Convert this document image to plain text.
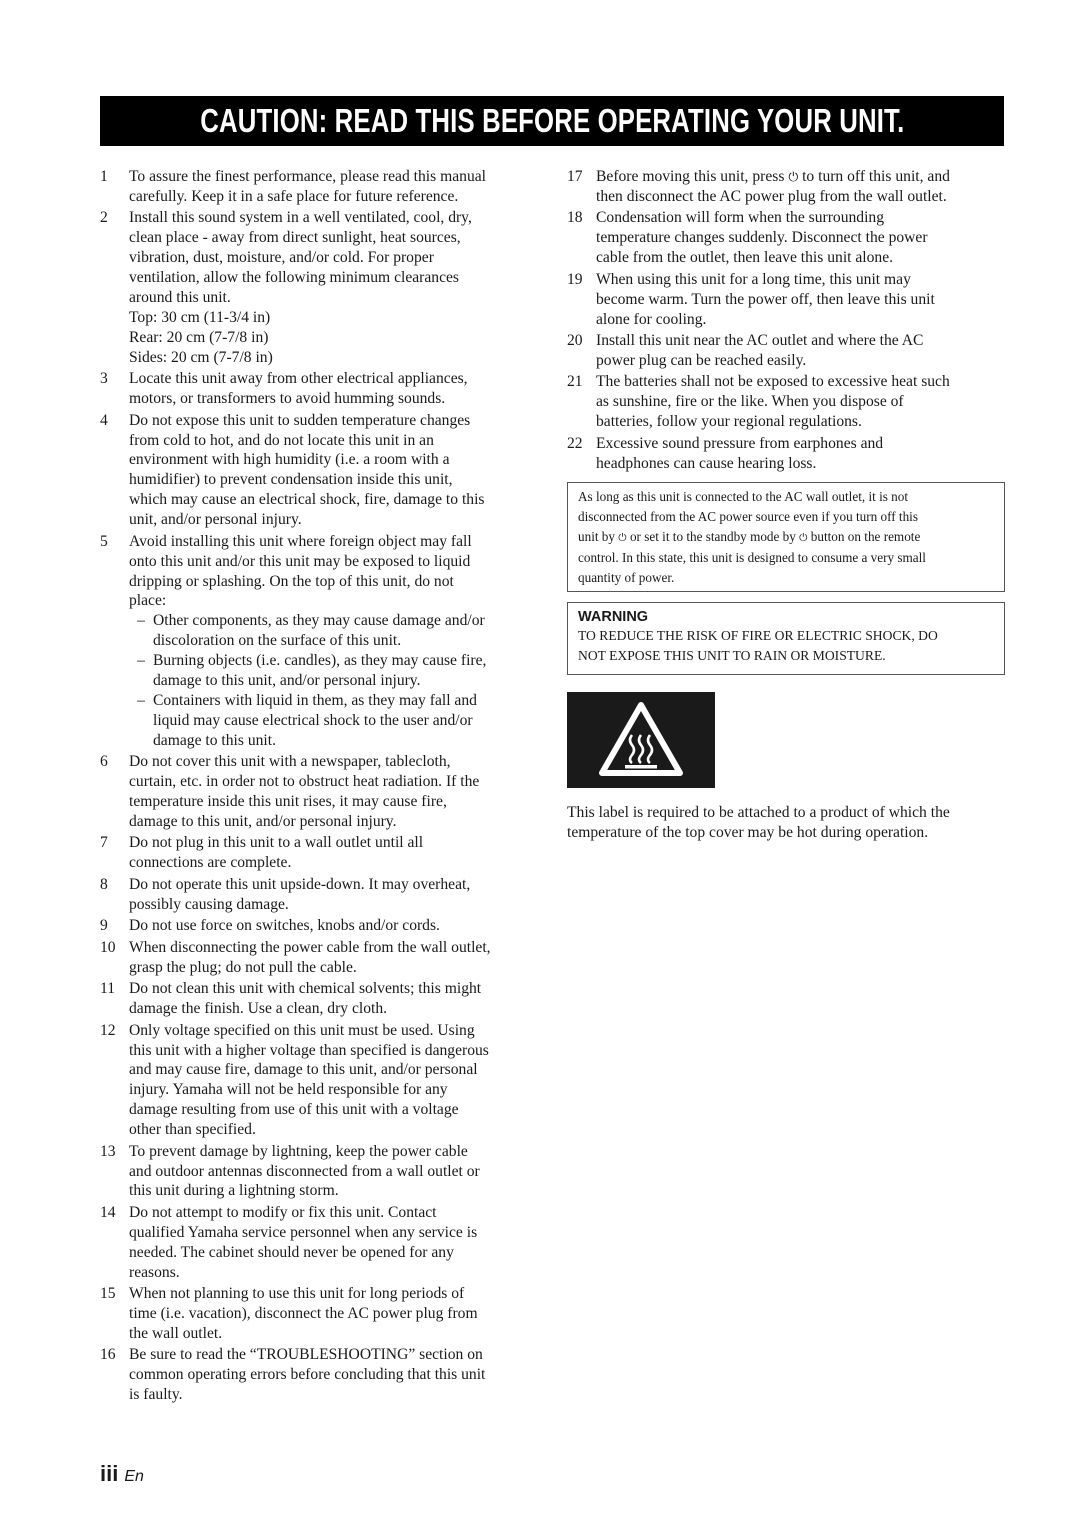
CAUTION: READ THIS BEFORE OPERATING YOUR UNIT.
1	To assure the finest performance, please read this manual
carefully. Keep it in a safe place for future reference.
2	Install this sound system in a well ventilated, cool, dry,
clean place - away from direct sunlight, heat sources,
vibration, dust, moisture, and/or cold. For proper
ventilation, allow the following minimum clearances
around this unit.
Top: 30 cm (11-3/4 in)
Rear: 20 cm (7-7/8 in)
Sides: 20 cm (7-7/8 in)
3	Locate this unit away from other electrical appliances,
motors, or transformers to avoid humming sounds.
4	Do not expose this unit to sudden temperature changes
from cold to hot, and do not locate this unit in an
environment with high humidity (i.e. a room with a
humidifier) to prevent condensation inside this unit,
which may cause an electrical shock, fire, damage to this
unit, and/or personal injury.
5	Avoid installing this unit where foreign object may fall
onto this unit and/or this unit may be exposed to liquid
dripping or splashing. On the top of this unit, do not
place:
– Other components, as they may cause damage and/or
discoloration on the surface of this unit.
– Burning objects (i.e. candles), as they may cause fire,
damage to this unit, and/or personal injury.
– Containers with liquid in them, as they may fall and
liquid may cause electrical shock to the user and/or
damage to this unit.
6	Do not cover this unit with a newspaper, tablecloth,
curtain, etc. in order not to obstruct heat radiation. If the
temperature inside this unit rises, it may cause fire,
damage to this unit, and/or personal injury.
7	Do not plug in this unit to a wall outlet until all
connections are complete.
8	Do not operate this unit upside-down. It may overheat,
possibly causing damage.
9	Do not use force on switches, knobs and/or cords.
10 When disconnecting the power cable from the wall outlet,
grasp the plug; do not pull the cable.
11 Do not clean this unit with chemical solvents; this might
damage the finish. Use a clean, dry cloth.
12 Only voltage specified on this unit must be used. Using
this unit with a higher voltage than specified is dangerous
and may cause fire, damage to this unit, and/or personal
injury. Yamaha will not be held responsible for any
damage resulting from use of this unit with a voltage
other than specified.
13 To prevent damage by lightning, keep the power cable
and outdoor antennas disconnected from a wall outlet or
this unit during a lightning storm.
14 Do not attempt to modify or fix this unit. Contact
qualified Yamaha service personnel when any service is
needed. The cabinet should never be opened for any
reasons.
15 When not planning to use this unit for long periods of
time (i.e. vacation), disconnect the AC power plug from
the wall outlet.
16 Be sure to read the “TROUBLESHOOTING” section on
common operating errors before concluding that this unit
is faulty.
17 Before moving this unit, press ⏻ to turn off this unit, and
then disconnect the AC power plug from the wall outlet.
18 Condensation will form when the surrounding
temperature changes suddenly. Disconnect the power
cable from the outlet, then leave this unit alone.
19 When using this unit for a long time, this unit may
become warm. Turn the power off, then leave this unit
alone for cooling.
20 Install this unit near the AC outlet and where the AC
power plug can be reached easily.
21 The batteries shall not be exposed to excessive heat such
as sunshine, fire or the like. When you dispose of
batteries, follow your regional regulations.
22 Excessive sound pressure from earphones and
headphones can cause hearing loss.
As long as this unit is connected to the AC wall outlet, it is not
disconnected from the AC power source even if you turn off this
unit by ⏻ or set it to the standby mode by ⏻ button on the remote
control. In this state, this unit is designed to consume a very small
quantity of power.
WARNING
TO REDUCE THE RISK OF FIRE OR ELECTRIC SHOCK, DO
NOT EXPOSE THIS UNIT TO RAIN OR MOISTURE.
This label is required to be attached to a product of which the
temperature of the top cover may be hot during operation.
iii En
